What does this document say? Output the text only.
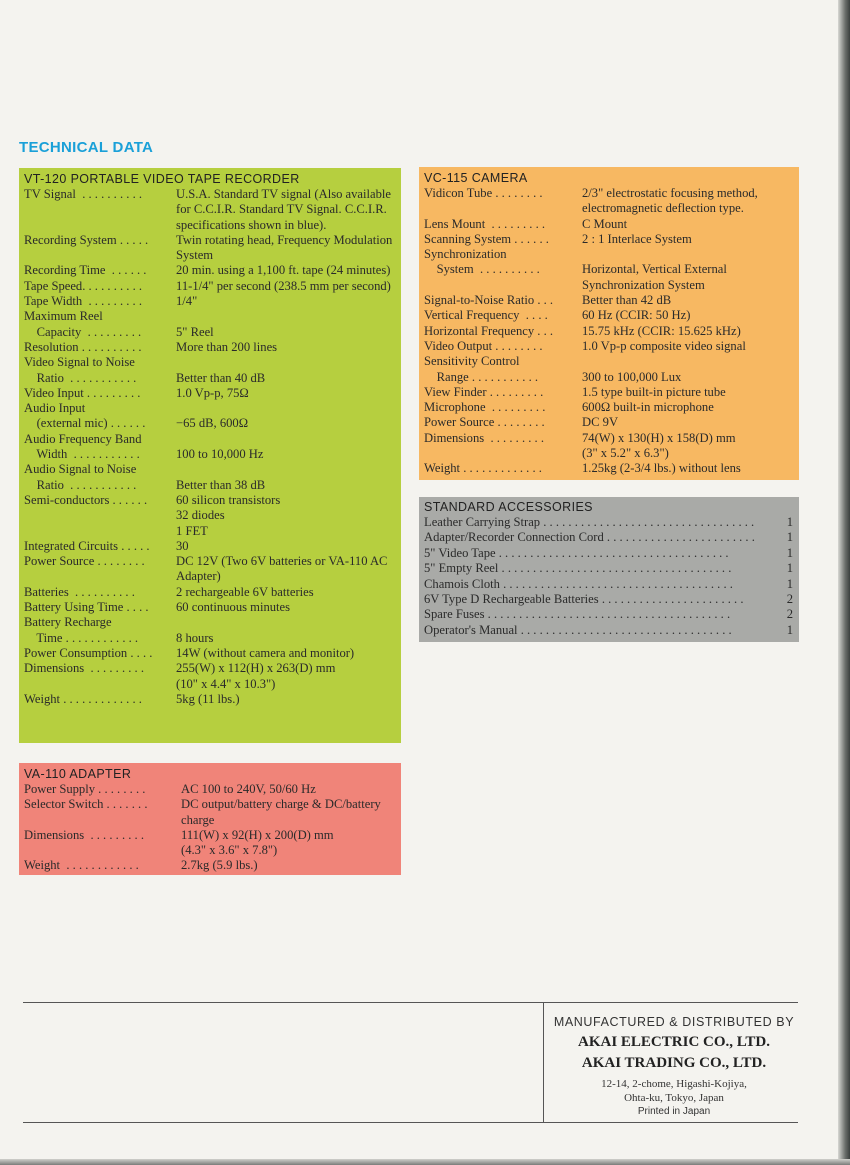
TECHNICAL DATA
VT-120 PORTABLE VIDEO TAPE RECORDER
TV Signal  . . . . . . . . . .	U.S.A. Standard TV signal (Also available for C.C.I.R. Standard TV Signal. C.C.I.R. specifications shown in blue).
Recording System . . . . .	Twin rotating head, Frequency Modulation System
Recording Time  . . . . . .	20 min. using a 1,100 ft. tape (24 minutes)
Tape Speed. . . . . . . . . .	11-1/4" per second (238.5 mm per second)
Tape Width  . . . . . . . . .	1/4"
Maximum Reel
Capacity  . . . . . . . . .	5" Reel
Resolution . . . . . . . . . .	More than 200 lines
Video Signal to Noise
Ratio  . . . . . . . . . . .	Better than 40 dB
Video Input . . . . . . . . .	1.0 Vp-p, 75Ω
Audio Input
(external mic) . . . . . .	−65 dB, 600Ω
Audio Frequency Band
Width  . . . . . . . . . . .	100 to 10,000 Hz
Audio Signal to Noise
Ratio  . . . . . . . . . . .	Better than 38 dB
Semi-conductors . . . . . .	60 silicon transistors
32 diodes
1 FET
Integrated Circuits . . . . .	30
Power Source . . . . . . . .	DC 12V (Two 6V batteries or VA-110 AC Adapter)
Batteries  . . . . . . . . . .	2 rechargeable 6V batteries
Battery Using Time . . . .	60 continuous minutes
Battery Recharge
Time . . . . . . . . . . . .	8 hours
Power Consumption . . . .	14W (without camera and monitor)
Dimensions  . . . . . . . . .	255(W) x 112(H) x 263(D) mm
(10" x 4.4" x 10.3")
Weight . . . . . . . . . . . . .	5kg (11 lbs.)
VC-115 CAMERA
Vidicon Tube . . . . . . . .	2/3" electrostatic focusing method, electromagnetic deflection type.
Lens Mount  . . . . . . . . .	C Mount
Scanning System . . . . . .	2 : 1 Interlace System
Synchronization
System  . . . . . . . . . .	Horizontal, Vertical External Synchronization System
Signal-to-Noise Ratio . . .	Better than 42 dB
Vertical Frequency  . . . .	60 Hz (CCIR: 50 Hz)
Horizontal Frequency . . .	15.75 kHz (CCIR: 15.625 kHz)
Video Output . . . . . . . .	1.0 Vp-p composite video signal
Sensitivity Control
Range . . . . . . . . . . .	300 to 100,000 Lux
View Finder . . . . . . . . .	1.5 type built-in picture tube
Microphone  . . . . . . . . .	600Ω built-in microphone
Power Source . . . . . . . .	DC 9V
Dimensions  . . . . . . . . .	74(W) x 130(H) x 158(D) mm
(3" x 5.2" x 6.3")
Weight . . . . . . . . . . . . .	1.25kg (2-3/4 lbs.) without lens
STANDARD ACCESSORIES
Leather Carrying Strap . . . . . . . . . . . . . . . . . . . . . . . . . . . . . . . . . .	1
Adapter/Recorder Connection Cord . . . . . . . . . . . . . . . . . . . . . . . .	1
5" Video Tape . . . . . . . . . . . . . . . . . . . . . . . . . . . . . . . . . . . . .	1
5" Empty Reel . . . . . . . . . . . . . . . . . . . . . . . . . . . . . . . . . . . . .	1
Chamois Cloth . . . . . . . . . . . . . . . . . . . . . . . . . . . . . . . . . . . . .	1
6V Type D Rechargeable Batteries . . . . . . . . . . . . . . . . . . . . . . .	2
Spare Fuses . . . . . . . . . . . . . . . . . . . . . . . . . . . . . . . . . . . . . . .	2
Operator's Manual . . . . . . . . . . . . . . . . . . . . . . . . . . . . . . . . . .	1
VA-110 ADAPTER
Power Supply . . . . . . . .	AC 100 to 240V, 50/60 Hz
Selector Switch . . . . . . .	DC output/battery charge & DC/battery charge
Dimensions  . . . . . . . . .	111(W) x 92(H) x 200(D) mm
(4.3" x 3.6" x 7.8")
Weight  . . . . . . . . . . . .	2.7kg (5.9 lbs.)
MANUFACTURED & DISTRIBUTED BY
AKAI ELECTRIC CO., LTD.
AKAI TRADING CO., LTD.
12-14, 2-chome, Higashi-Kojiya,
Ohta-ku, Tokyo, Japan
Printed in Japan
